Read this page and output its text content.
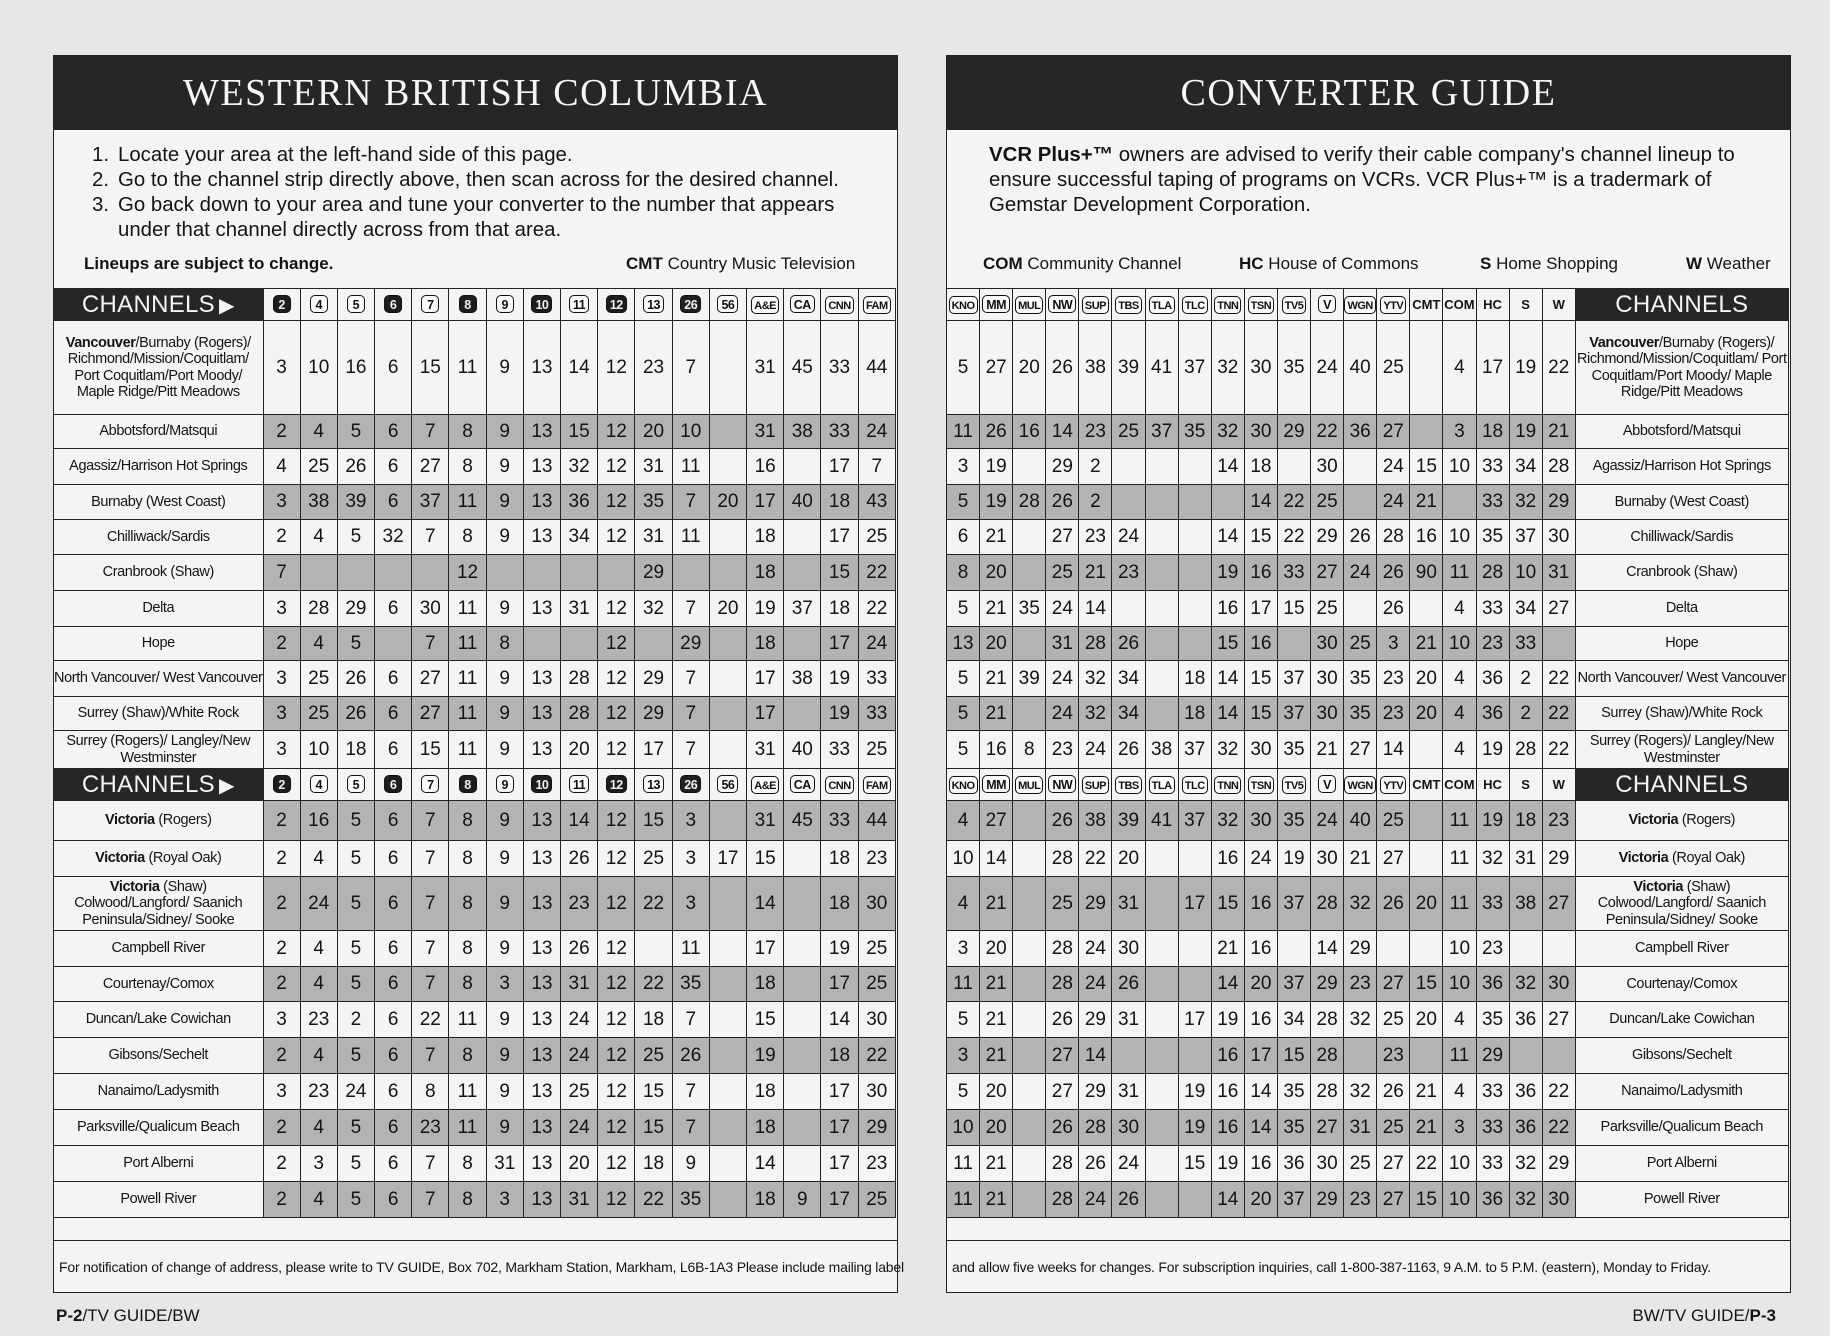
WESTERN BRITISH COLUMBIA
1. Locate your area at the left-hand side of this page.
2. Go to the channel strip directly above, then scan across for the desired channel.
3. Go back down to your area and tune your converter to the number that appears under that channel directly across from that area.
Lineups are subject to change.	CMT Country Music Television
CHANNELS ▶	2	4	5	6	7	8	9	10	11	12	13	26	56	A&E	CA	CNN	FAM
Vancouver/Burnaby (Rogers)/ Richmond/Mission/Coquitlam/ Port Coquitlam/Port Moody/ Maple Ridge/Pitt Meadows	3	10	16	6	15	11	9	13	14	12	23	7		31	45	33	44
Abbotsford/Matsqui	2	4	5	6	7	8	9	13	15	12	20	10		31	38	33	24
Agassiz/Harrison Hot Springs	4	25	26	6	27	8	9	13	32	12	31	11		16		17	7
Burnaby (West Coast)	3	38	39	6	37	11	9	13	36	12	35	7	20	17	40	18	43
Chilliwack/Sardis	2	4	5	32	7	8	9	13	34	12	31	11		18		17	25
Cranbrook (Shaw)	7					12					29			18		15	22
Delta	3	28	29	6	30	11	9	13	31	12	32	7	20	19	37	18	22
Hope	2	4	5		7	11	8			12		29		18		17	24
North Vancouver/ West Vancouver	3	25	26	6	27	11	9	13	28	12	29	7		17	38	19	33
Surrey (Shaw)/White Rock	3	25	26	6	27	11	9	13	28	12	29	7		17		19	33
Surrey (Rogers)/ Langley/New Westminster	3	10	18	6	15	11	9	13	20	12	17	7		31	40	33	25
CHANNELS ▶	2	4	5	6	7	8	9	10	11	12	13	26	56	A&E	CA	CNN	FAM
Victoria (Rogers)	2	16	5	6	7	8	9	13	14	12	15	3		31	45	33	44
Victoria (Royal Oak)	2	4	5	6	7	8	9	13	26	12	25	3	17	15		18	23
Victoria (Shaw) Colwood/Langford/ Saanich Peninsula/Sidney/ Sooke	2	24	5	6	7	8	9	13	23	12	22	3		14		18	30
Campbell River	2	4	5	6	7	8	9	13	26	12		11		17		19	25
Courtenay/Comox	2	4	5	6	7	8	3	13	31	12	22	35		18		17	25
Duncan/Lake Cowichan	3	23	2	6	22	11	9	13	24	12	18	7		15		14	30
Gibsons/Sechelt	2	4	5	6	7	8	9	13	24	12	25	26		19		18	22
Nanaimo/Ladysmith	3	23	24	6	8	11	9	13	25	12	15	7		18		17	30
Parksville/Qualicum Beach	2	4	5	6	23	11	9	13	24	12	15	7		18		17	29
Port Alberni	2	3	5	6	7	8	31	13	20	12	18	9		14		17	23
Powell River	2	4	5	6	7	8	3	13	31	12	22	35		18	9	17	25
For notification of change of address, please write to TV GUIDE, Box 702, Markham Station, Markham, L6B-1A3 Please include mailing label
CONVERTER GUIDE
VCR Plus+™ owners are advised to verify their cable company's channel lineup to ensure successful taping of programs on VCRs. VCR Plus+™ is a tradermark of Gemstar Development Corporation.
COM Community Channel	HC House of Commons	S Home Shopping	W Weather
KNO	MM	MUL	NW	SUP	TBS	TLA	TLC	TNN	TSN	TV5	V	WGN	YTV	CMT	COM	HC	S	W	CHANNELS
5	27	20	26	38	39	41	37	32	30	35	24	40	25		4	17	19	22	Vancouver/Burnaby (Rogers)/ Richmond/Mission/Coquitlam/ Port Coquitlam/Port Moody/ Maple Ridge/Pitt Meadows
11	26	16	14	23	25	37	35	32	30	29	22	36	27		3	18	19	21	Abbotsford/Matsqui
3	19		29	2				14	18		30		24	15	10	33	34	28	Agassiz/Harrison Hot Springs
5	19	28	26	2					14	22	25		24	21		33	32	29	Burnaby (West Coast)
6	21		27	23	24			14	15	22	29	26	28	16	10	35	37	30	Chilliwack/Sardis
8	20		25	21	23			19	16	33	27	24	26	90	11	28	10	31	Cranbrook (Shaw)
5	21	35	24	14				16	17	15	25		26		4	33	34	27	Delta
13	20		31	28	26			15	16		30	25	3	21	10	23	33		Hope
5	21	39	24	32	34		18	14	15	37	30	35	23	20	4	36	2	22	North Vancouver/ West Vancouver
5	21		24	32	34		18	14	15	37	30	35	23	20	4	36	2	22	Surrey (Shaw)/White Rock
5	16	8	23	24	26	38	37	32	30	35	21	27	14		4	19	28	22	Surrey (Rogers)/ Langley/New Westminster
KNO	MM	MUL	NW	SUP	TBS	TLA	TLC	TNN	TSN	TV5	V	WGN	YTV	CMT	COM	HC	S	W	CHANNELS
4	27		26	38	39	41	37	32	30	35	24	40	25		11	19	18	23	Victoria (Rogers)
10	14		28	22	20			16	24	19	30	21	27		11	32	31	29	Victoria (Royal Oak)
4	21		25	29	31		17	15	16	37	28	32	26	20	11	33	38	27	Victoria (Shaw) Colwood/Langford/ Saanich Peninsula/Sidney/ Sooke
3	20		28	24	30			21	16		14	29			10	23			Campbell River
11	21		28	24	26			14	20	37	29	23	27	15	10	36	32	30	Courtenay/Comox
5	21		26	29	31		17	19	16	34	28	32	25	20	4	35	36	27	Duncan/Lake Cowichan
3	21		27	14				16	17	15	28		23		11	29			Gibsons/Sechelt
5	20		27	29	31		19	16	14	35	28	32	26	21	4	33	36	22	Nanaimo/Ladysmith
10	20		26	28	30		19	16	14	35	27	31	25	21	3	33	36	22	Parksville/Qualicum Beach
11	21		28	26	24		15	19	16	36	30	25	27	22	10	33	32	29	Port Alberni
11	21		28	24	26			14	20	37	29	23	27	15	10	36	32	30	Powell River
and allow five weeks for changes. For subscription inquiries, call 1-800-387-1163, 9 A.M. to 5 P.M. (eastern), Monday to Friday.
P-2/TV GUIDE/BW	BW/TV GUIDE/P-3
